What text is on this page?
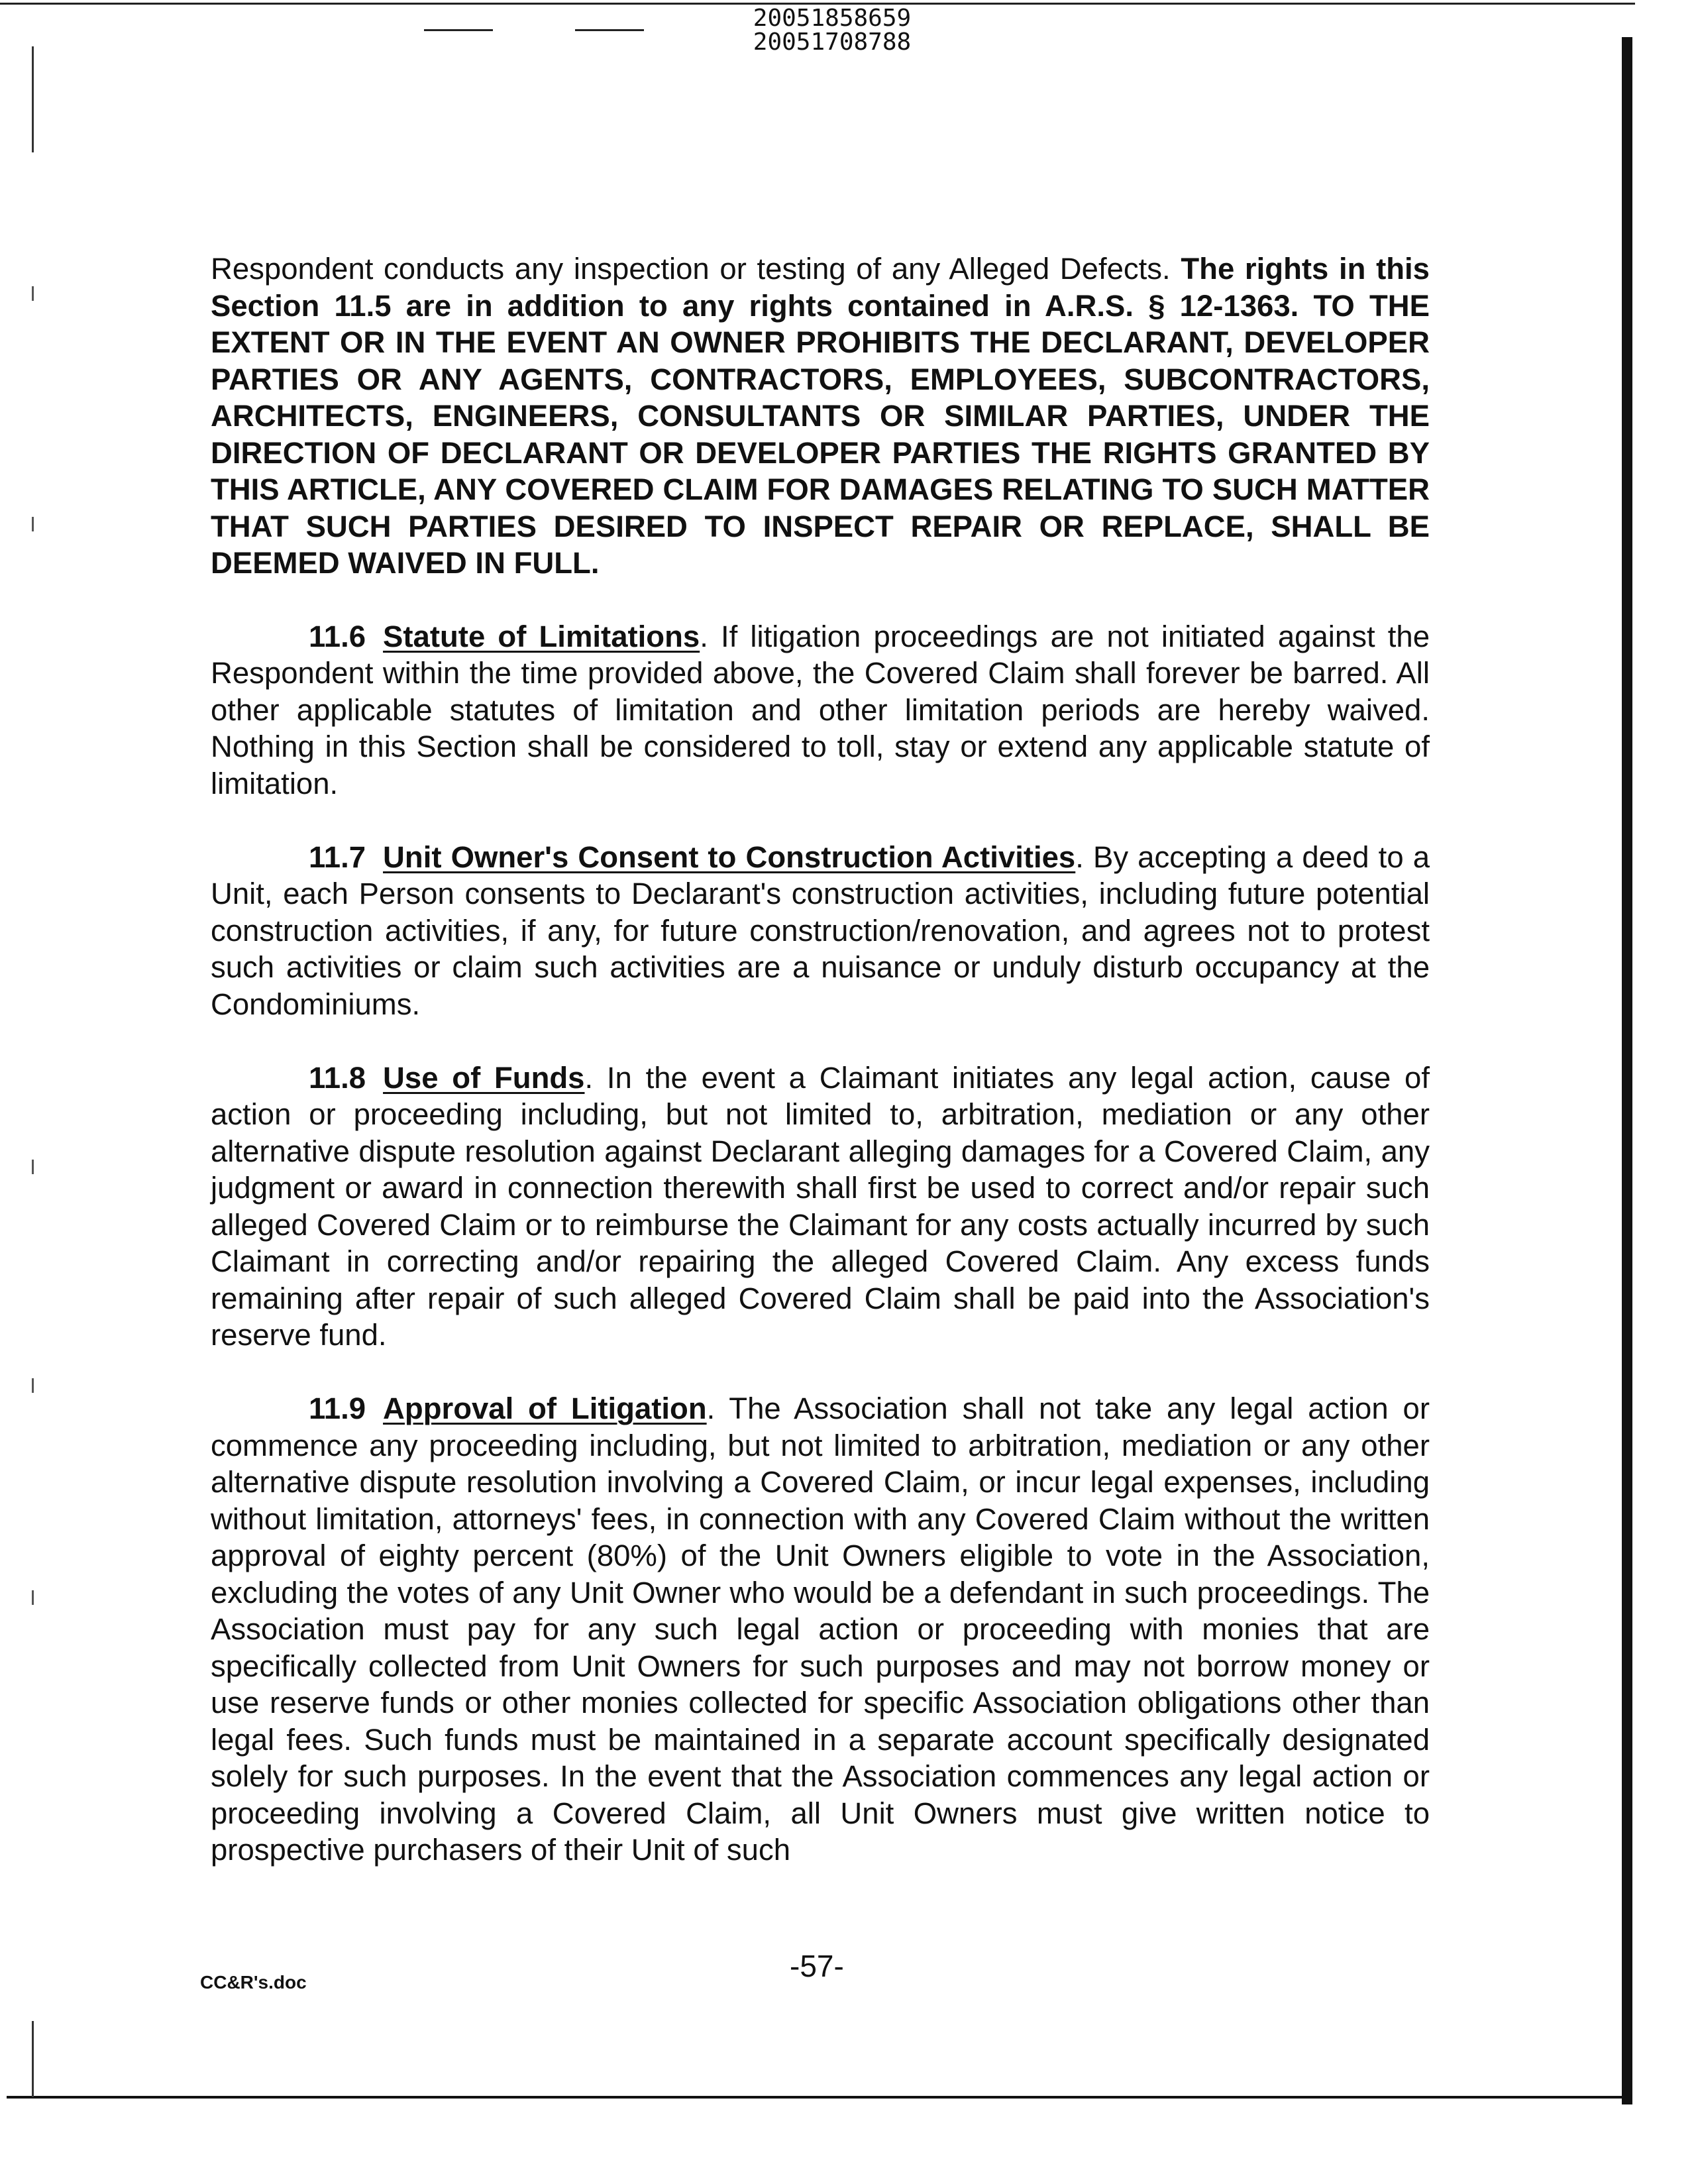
20051858659
20051708788

Respondent conducts any inspection or testing of any Alleged Defects. The rights in this Section 11.5 are in addition to any rights contained in A.R.S. § 12-1363. TO THE EXTENT OR IN THE EVENT AN OWNER PROHIBITS THE DECLARANT, DEVELOPER PARTIES OR ANY AGENTS, CONTRACTORS, EMPLOYEES, SUBCONTRACTORS, ARCHITECTS, ENGINEERS, CONSULTANTS OR SIMILAR PARTIES, UNDER THE DIRECTION OF DECLARANT OR DEVELOPER PARTIES THE RIGHTS GRANTED BY THIS ARTICLE, ANY COVERED CLAIM FOR DAMAGES RELATING TO SUCH MATTER THAT SUCH PARTIES DESIRED TO INSPECT REPAIR OR REPLACE, SHALL BE DEEMED WAIVED IN FULL.

11.6 Statute of Limitations. If litigation proceedings are not initiated against the Respondent within the time provided above, the Covered Claim shall forever be barred. All other applicable statutes of limitation and other limitation periods are hereby waived. Nothing in this Section shall be considered to toll, stay or extend any applicable statute of limitation.

11.7 Unit Owner's Consent to Construction Activities. By accepting a deed to a Unit, each Person consents to Declarant's construction activities, including future potential construction activities, if any, for future construction/renovation, and agrees not to protest such activities or claim such activities are a nuisance or unduly disturb occupancy at the Condominiums.

11.8 Use of Funds. In the event a Claimant initiates any legal action, cause of action or proceeding including, but not limited to, arbitration, mediation or any other alternative dispute resolution against Declarant alleging damages for a Covered Claim, any judgment or award in connection therewith shall first be used to correct and/or repair such alleged Covered Claim or to reimburse the Claimant for any costs actually incurred by such Claimant in correcting and/or repairing the alleged Covered Claim. Any excess funds remaining after repair of such alleged Covered Claim shall be paid into the Association's reserve fund.

11.9 Approval of Litigation. The Association shall not take any legal action or commence any proceeding including, but not limited to arbitration, mediation or any other alternative dispute resolution involving a Covered Claim, or incur legal expenses, including without limitation, attorneys' fees, in connection with any Covered Claim without the written approval of eighty percent (80%) of the Unit Owners eligible to vote in the Association, excluding the votes of any Unit Owner who would be a defendant in such proceedings. The Association must pay for any such legal action or proceeding with monies that are specifically collected from Unit Owners for such purposes and may not borrow money or use reserve funds or other monies collected for specific Association obligations other than legal fees. Such funds must be maintained in a separate account specifically designated solely for such purposes. In the event that the Association commences any legal action or proceeding involving a Covered Claim, all Unit Owners must give written notice to prospective purchasers of their Unit of such

CC&R's.doc	-57-
